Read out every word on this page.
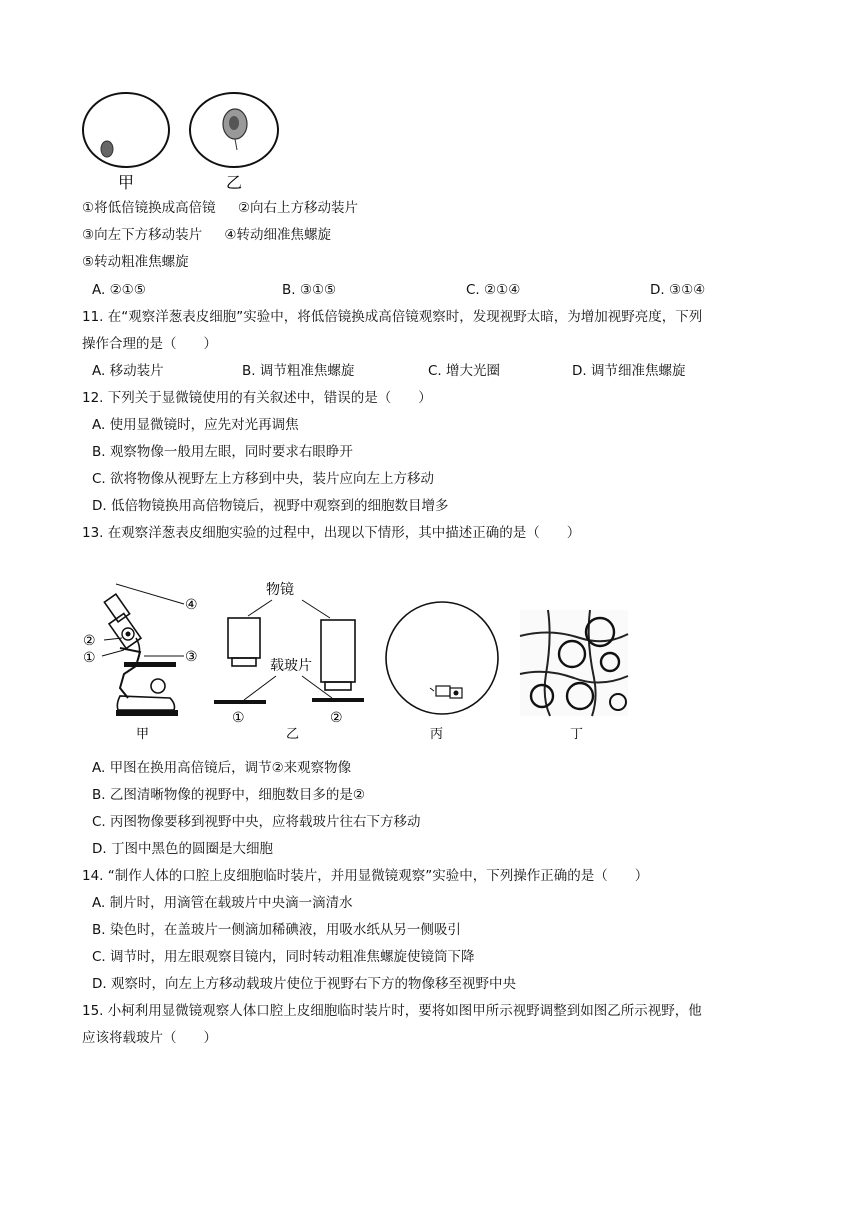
甲	乙
①将低倍镜换成高倍镜 ②向右上方移动装片
③向左下方移动装片 ④转动细准焦螺旋
⑤转动粗准焦螺旋
A. ②①⑤	B. ③①⑤	C. ②①④	D. ③①④
11. 在“观察洋葱表皮细胞”实验中，将低倍镜换成高倍镜观察时，发现视野太暗，为增加视野亮度，下列
操作合理的是（　　）
A. 移动装片	B. 调节粗准焦螺旋	C. 增大光圈	D. 调节细准焦螺旋
12. 下列关于显微镜使用的有关叙述中，错误的是（　　）
A. 使用显微镜时，应先对光再调焦
B. 观察物像一般用左眼，同时要求右眼睁开
C. 欲将物像从视野左上方移到中央，装片应向左上方移动
D. 低倍物镜换用高倍物镜后，视野中观察到的细胞数目增多
13. 在观察洋葱表皮细胞实验的过程中，出现以下情形，其中描述正确的是（　　）
④
②
①	③
甲
物镜
载玻片
①	②
乙	丙	丁
A. 甲图在换用高倍镜后，调节②来观察物像
B. 乙图清晰物像的视野中，细胞数目多的是②
C. 丙图物像要移到视野中央，应将载玻片往右下方移动
D. 丁图中黑色的圆圈是大细胞
14. “制作人体的口腔上皮细胞临时装片，并用显微镜观察”实验中，下列操作正确的是（　　）
A. 制片时，用滴管在载玻片中央滴一滴清水
B. 染色时，在盖玻片一侧滴加稀碘液，用吸水纸从另一侧吸引
C. 调节时，用左眼观察目镜内，同时转动粗准焦螺旋使镜筒下降
D. 观察时，向左上方移动载玻片使位于视野右下方的物像移至视野中央
15. 小柯利用显微镜观察人体口腔上皮细胞临时装片时，要将如图甲所示视野调整到如图乙所示视野，他
应该将载玻片（　　）
